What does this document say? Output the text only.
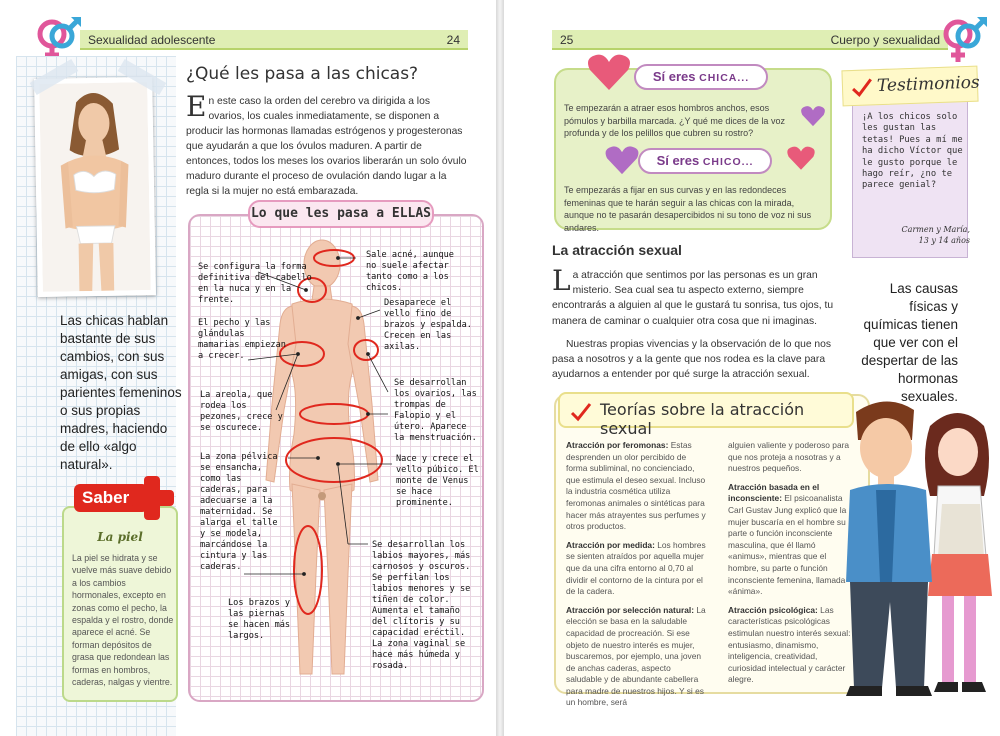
Sexualidad adolescente	24
Las chicas hablan bastante de sus cambios, con sus amigas, con sus parientes femeninos o sus propias madres, haciendo de ello «algo natural».
La piel
La piel se hidrata y se vuelve más suave debido a los cambios hormonales, excepto en zonas como el pecho, la espalda y el rostro, donde aparece el acné. Se forman depósitos de grasa que redondean las formas en hombros, caderas, nalgas y vientre.
Saber
¿Qué les pasa a las chicas?
En este caso la orden del cerebro va dirigida a los ovarios, los cuales inmediatamente, se disponen a producir las hormonas llamadas estrógenos y progesteronas que ayudarán a que los óvulos maduren. A partir de entonces, todos los meses los ovarios liberarán un solo óvulo maduro durante el proceso de ovulación dando lugar a la regla si la mujer no está embarazada.
Lo que les pasa a ELLAS
Se configura la forma definitiva del cabello en la nuca y en la frente.
Sale acné, aunque no suele afectar tanto como a los chicos.
El pecho y las glándulas mamarias empiezan a crecer.
Desaparece el vello fino de brazos y espalda. Crecen en las axilas.
La areola, que rodea los pezones, crece y se oscurece.
Se desarrollan los ovarios, las trompas de Falopio y el útero. Aparece la menstruación.
La zona pélvica se ensancha, como las caderas, para adecuarse a la maternidad. Se alarga el talle y se modela, marcándose la cintura y las caderas.
Nace y crece el vello púbico. El monte de Venus se hace prominente.
Se desarrollan los labios mayores, más carnosos y oscuros. Se perfilan los labios menores y se tiñen de color. Aumenta el tamaño del clítoris y su capacidad eréctil. La zona vaginal se hace más húmeda y rosada.
Los brazos y las piernas se hacen más largos.
25	Cuerpo y sexualidad
Sí eres CHICA...
Te empezarán a atraer esos hombros anchos, esos pómulos y barbilla marcada. ¿Y qué me dices de la voz profunda y de los pelillos que cubren su rostro?
Sí eres CHICO...
Te empezarás a fijar en sus curvas y en las redondeces femeninas que te harán seguir a las chicas con la mirada, aunque no te pasarán desapercibidos ni su tono de voz ni sus andares.
Testimonios
¡A los chicos solo les gustan las tetas! Pues a mí me ha dicho Víctor que le gusto porque le hago reír, ¿no te parece genial?
Carmen y María,
13 y 14 años
La atracción sexual

La atracción que sentimos por las personas es un gran misterio. Sea cual sea tu aspecto externo, siempre encontrarás a alguien al que le gustará tu sonrisa, tus ojos, tu manera de caminar o cualquier otra cosa que ni imaginas.

Nuestras propias vivencias y la observación de lo que nos pasa a nosotros y a la gente que nos rodea es la clave para ayudarnos a entender por qué surge la atracción sexual.

Las causas físicas y químicas tienen que ver con el despertar de las hormonas sexuales.
Teorías sobre la atracción sexual

Atracción por feromonas: Estas desprenden un olor percibido de forma subliminal, no concienciado, que estimula el deseo sexual. Incluso la industria cosmética utiliza feromonas animales o sintéticas para hacer más atrayentes sus perfumes y otros productos.

Atracción por medida: Los hombres se sienten atraídos por aquella mujer que da una cifra entorno al 0,70 al dividir el contorno de la cintura por el de la cadera.

Atracción por selección natural: La elección se basa en la saludable capacidad de procreación. Si ese objeto de nuestro interés es mujer, buscaremos, por ejemplo, una joven de anchas caderas, aspecto saludable y de abundante cabellera para madre de nuestros hijos. Y si es un hombre, será

alguien valiente y poderoso para que nos proteja a nosotras y a nuestros pequeños.

Atracción basada en el inconsciente: El psicoanalista Carl Gustav Jung explicó que la mujer buscaría en el hombre su parte o función inconsciente masculina, que él llamó «animus», mientras que el hombre, su parte o función inconsciente femenina, llamada «ánima».

Atracción psicológica: Las características psicológicas estimulan nuestro interés sexual: entusiasmo, dinamismo, inteligencia, creatividad, curiosidad intelectual y carácter alegre.
